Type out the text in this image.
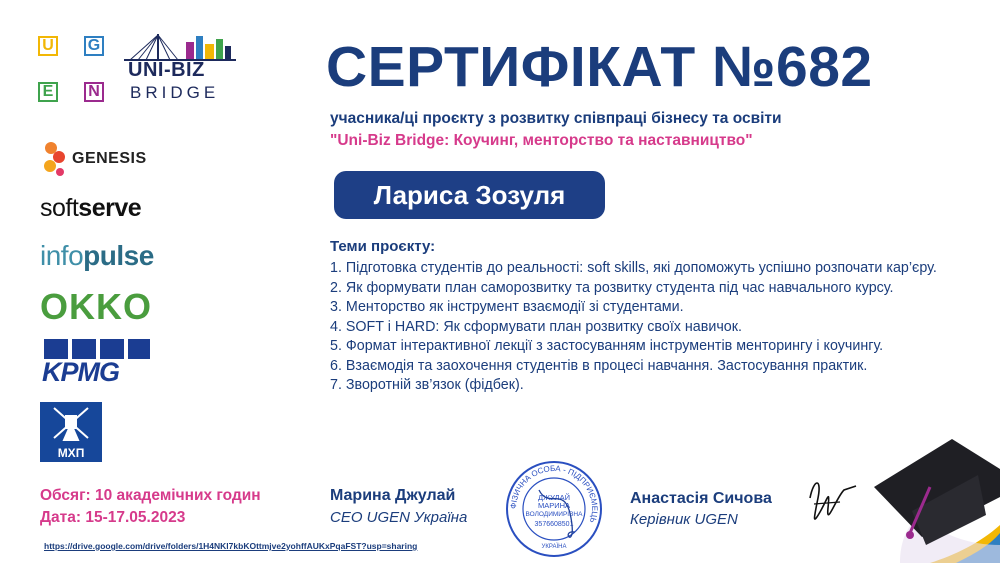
U G
E N
UNI-BIZ
BRIDGE
GENESIS
softserve
infopulse
OKKO
KPMG
МХП
СЕРТИФІКАТ №682
учасника/ці проєкту з розвитку співпраці бізнесу та освіти
"Uni-Biz Bridge: Коучинг, менторство та наставництво"
Лариса Зозуля
Теми проєкту:
1. Підготовка студентів до реальності: soft skills, які допоможуть успішно розпочати кар’єру.
2. Як формувати план саморозвитку та розвитку студента під час навчального курсу.
3. Менторство як інструмент взаємодії зі студентами.
4. SOFT і HARD: Як сформувати план розвитку своїх навичок.
5. Формат інтерактивної лекції з застосуванням інструментів менторингу і коучингу.
6. Взаємодія та заохочення студентів в процесі навчання. Застосування практик.
7. Зворотній зв’язок (фідбек).
Обсяг: 10 академічних годин
Дата: 15-17.05.2023
https://drive.google.com/drive/folders/1H4NKl7kbKOttmjve2yohffAUKxPqaFST?usp=sharing
Марина Джулай
CEO UGEN Україна
ФІЗИЧНА ОСОБА - ПІДПРИЄМЕЦЬ
ДЖУЛАЙ
МАРИНА
ВОЛОДИМИРІВНА
3576608501
УКРАЇНА
Анастасія Сичова
Керівник UGEN
